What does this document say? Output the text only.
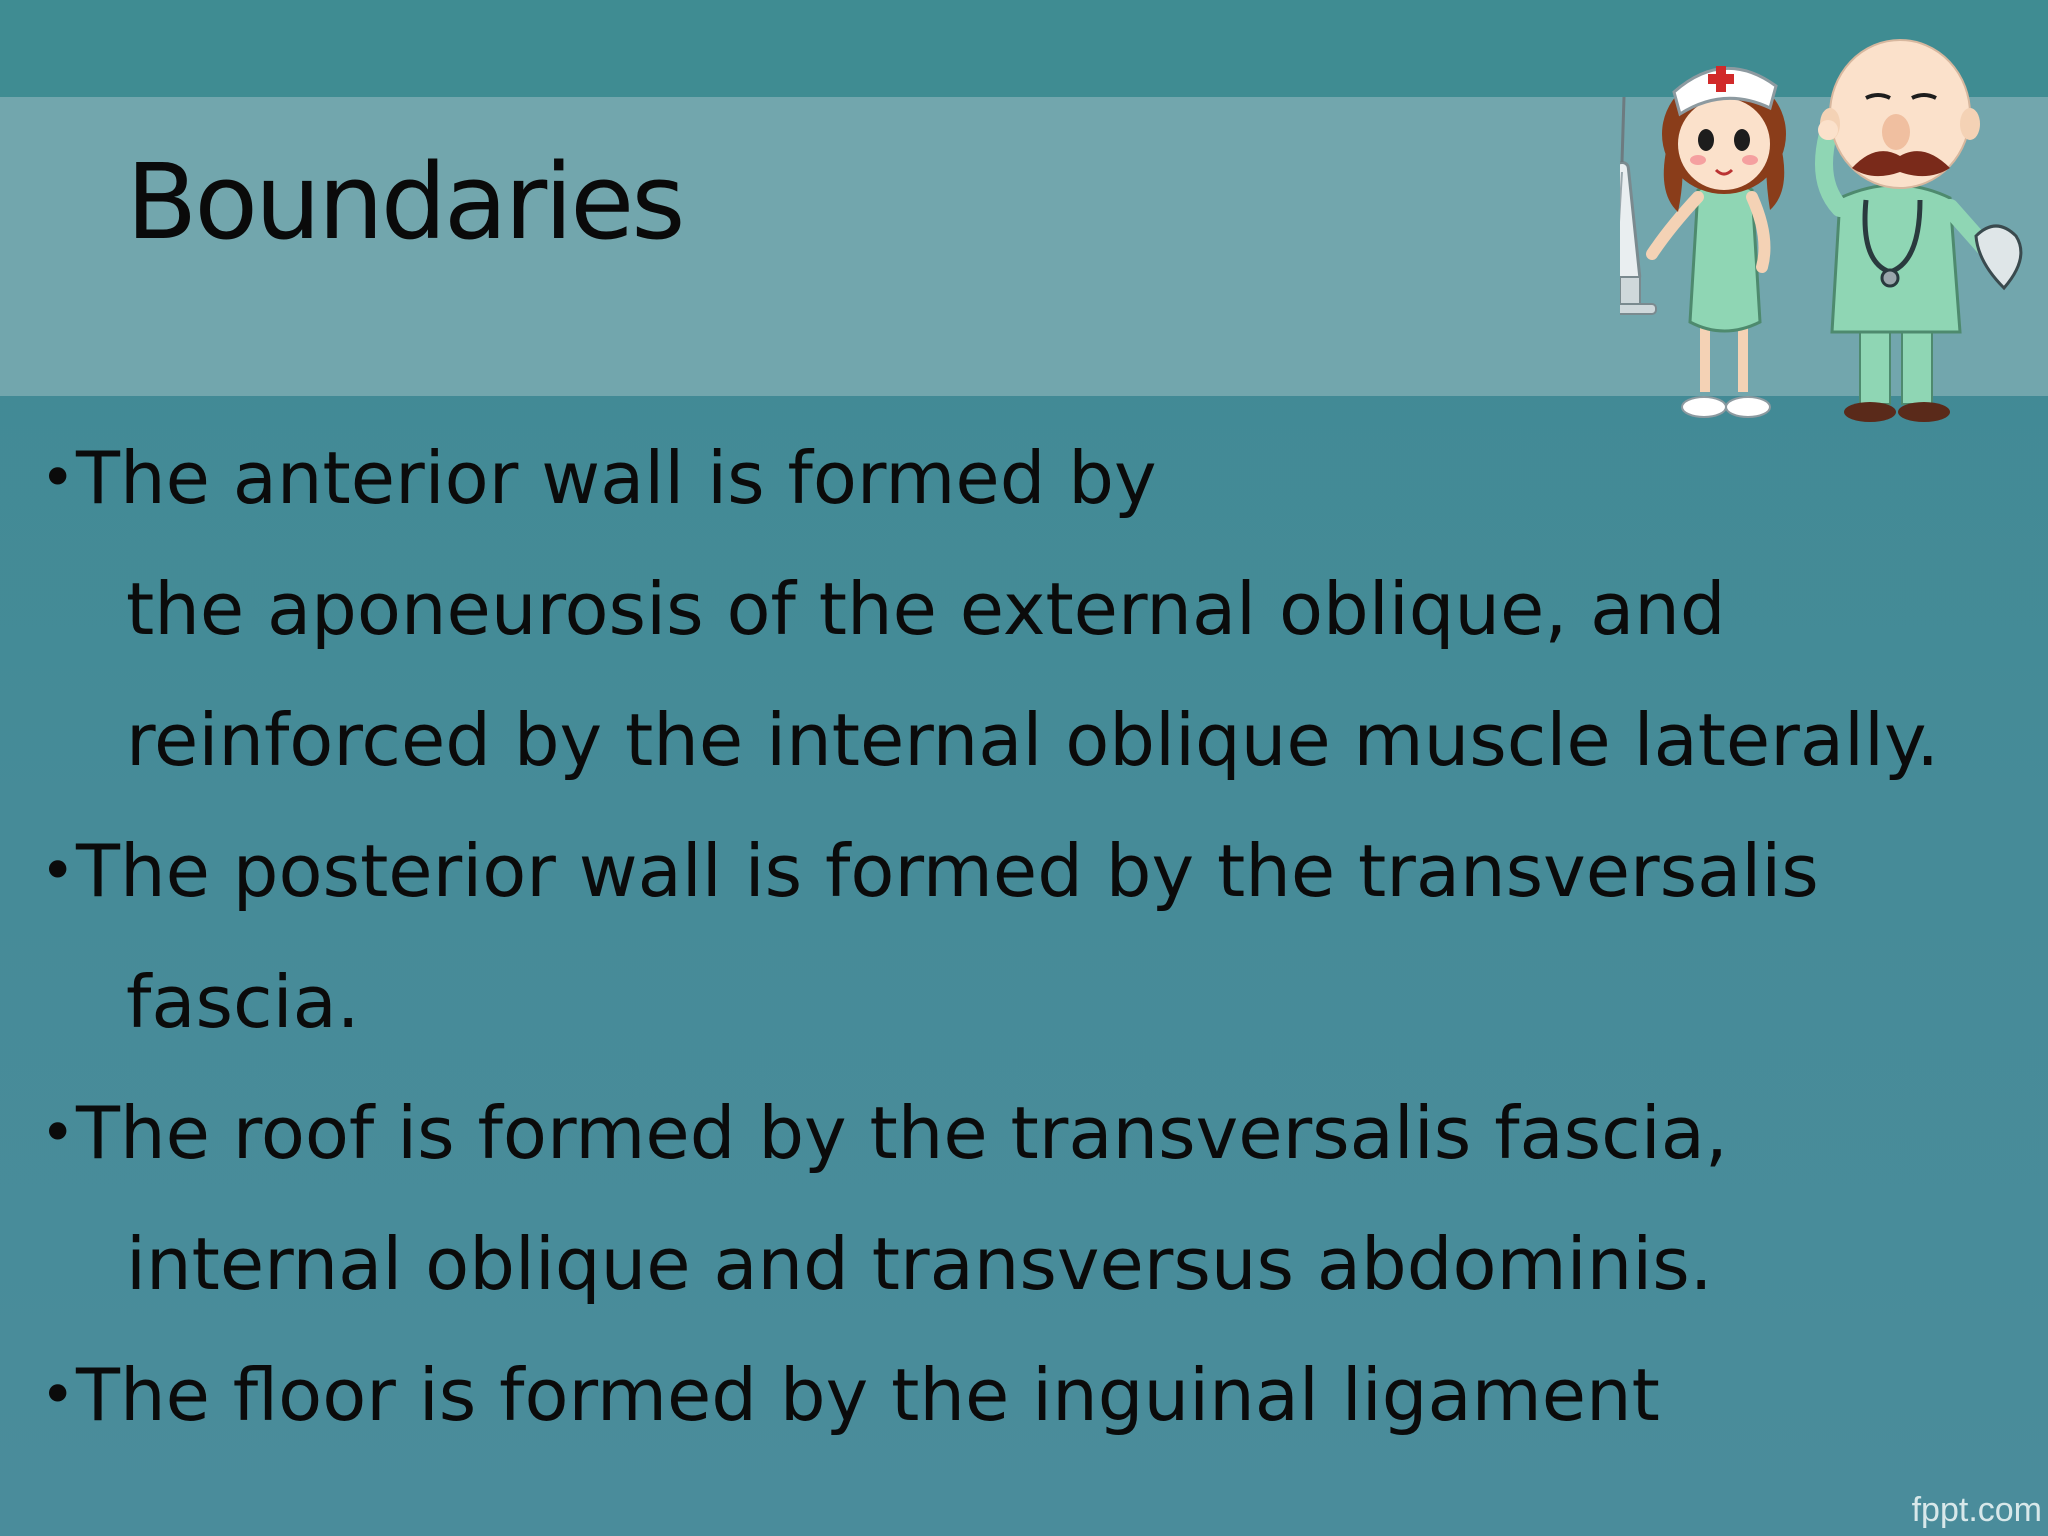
Boundaries
• The anterior wall is formed by
the aponeurosis of the external oblique, and
reinforced by the internal oblique muscle laterally.
• The posterior wall is formed by the transversalis
fascia.
• The roof is formed by the transversalis fascia,
internal oblique and transversus abdominis.
• The floor is formed by the inguinal ligament
fppt.com
